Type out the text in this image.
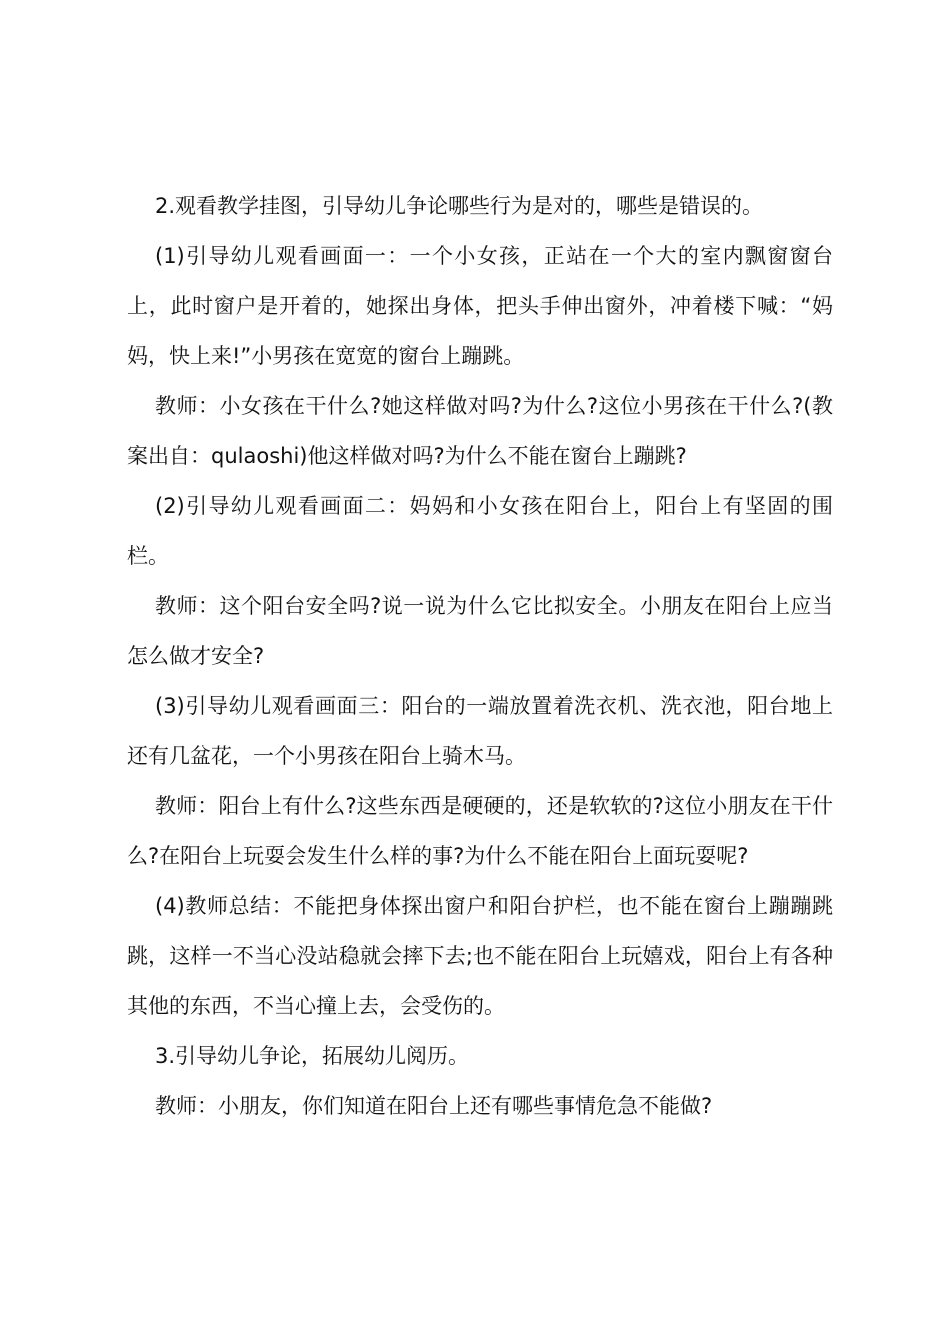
2.观看教学挂图，引导幼儿争论哪些行为是对的，哪些是错误的。

(1)引导幼儿观看画面一：一个小女孩，正站在一个大的室内飘窗窗台上，此时窗户是开着的，她探出身体，把头手伸出窗外，冲着楼下喊：“妈妈，快上来!”小男孩在宽宽的窗台上蹦跳。

教师：小女孩在干什么?她这样做对吗?为什么?这位小男孩在干什么?(教案出自：qulaoshi)他这样做对吗?为什么不能在窗台上蹦跳?

(2)引导幼儿观看画面二：妈妈和小女孩在阳台上，阳台上有坚固的围栏。

教师：这个阳台安全吗?说一说为什么它比拟安全。小朋友在阳台上应当怎么做才安全?

(3)引导幼儿观看画面三：阳台的一端放置着洗衣机、洗衣池，阳台地上还有几盆花，一个小男孩在阳台上骑木马。

教师：阳台上有什么?这些东西是硬硬的，还是软软的?这位小朋友在干什么?在阳台上玩耍会发生什么样的事?为什么不能在阳台上面玩耍呢?

(4)教师总结：不能把身体探出窗户和阳台护栏，也不能在窗台上蹦蹦跳跳，这样一不当心没站稳就会摔下去;也不能在阳台上玩嬉戏，阳台上有各种其他的东西，不当心撞上去，会受伤的。

3.引导幼儿争论，拓展幼儿阅历。

教师：小朋友，你们知道在阳台上还有哪些事情危急不能做?
